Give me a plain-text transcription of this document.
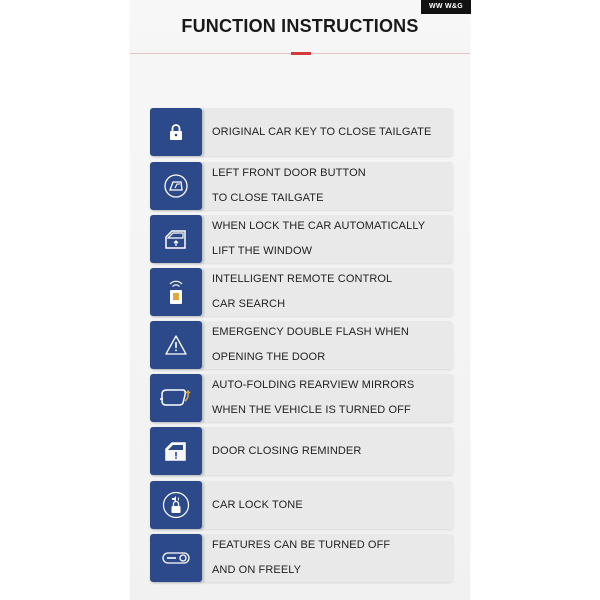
WW W&G
FUNCTION INSTRUCTIONS
ORIGINAL CAR KEY TO CLOSE TAILGATE
LEFT FRONT DOOR BUTTON
TO CLOSE TAILGATE
WHEN LOCK THE CAR AUTOMATICALLY
LIFT THE WINDOW
INTELLIGENT REMOTE CONTROL
CAR SEARCH
EMERGENCY DOUBLE FLASH WHEN
OPENING THE DOOR
AUTO-FOLDING REARVIEW MIRRORS
WHEN THE VEHICLE IS TURNED OFF
DOOR CLOSING REMINDER
CAR LOCK TONE
FEATURES CAN BE TURNED OFF
AND ON FREELY
